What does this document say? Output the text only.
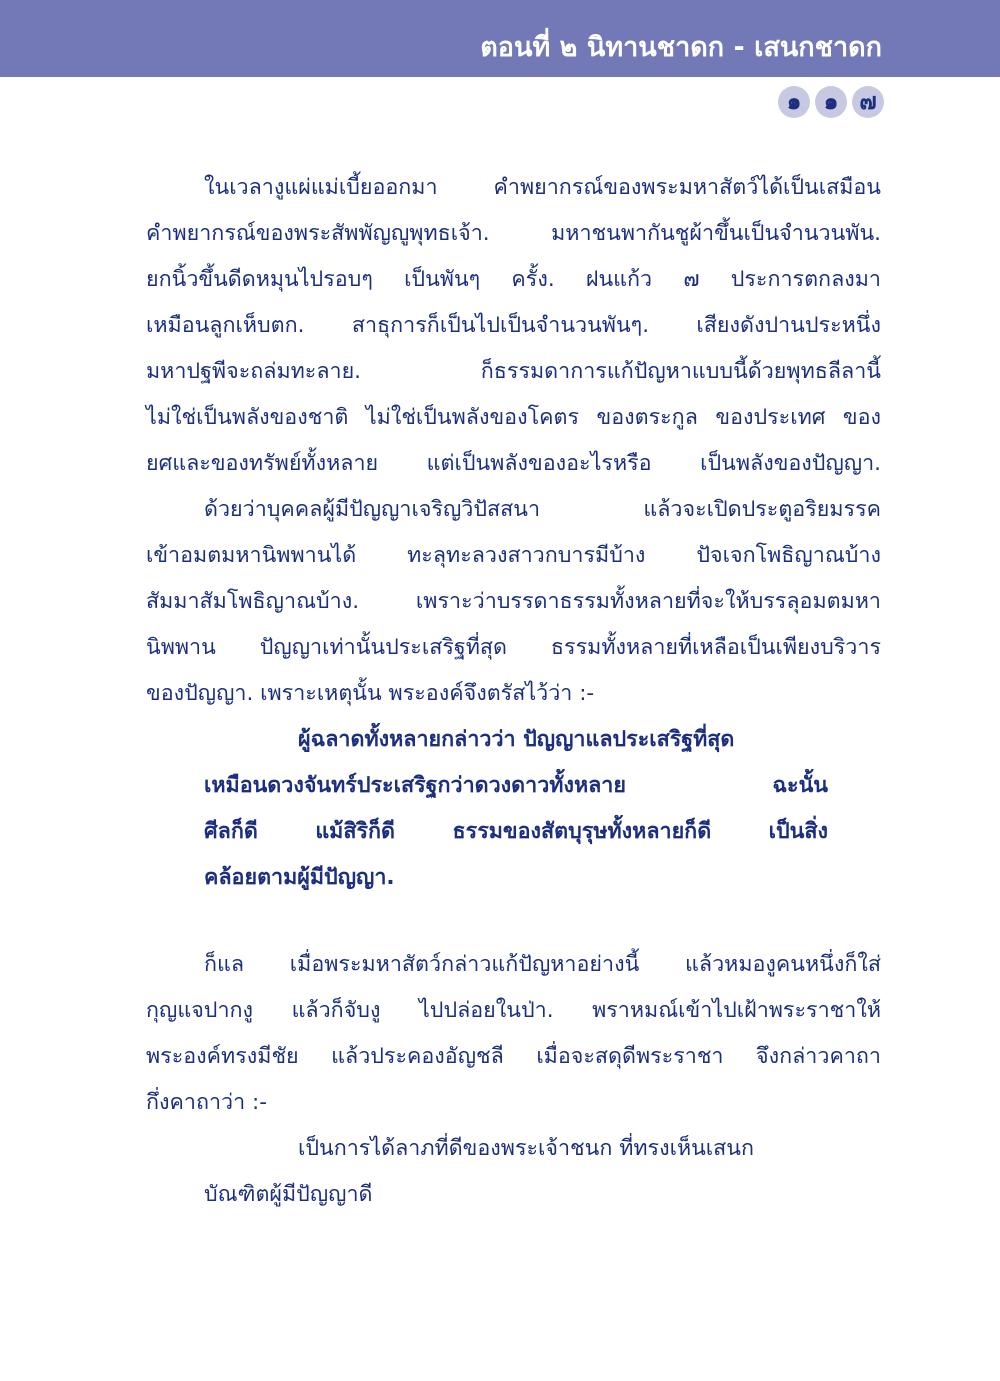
ตอนที่ ๒ นิทานชาดก - เสนกชาดก
๑ ๑ ๗
ในเวลางูแผ่แม่เบี้ยออกมา คำพยากรณ์ของพระมหาสัตว์ได้เป็นเสมือน
คำพยากรณ์ของพระสัพพัญญูพุทธเจ้า. มหาชนพากันชูผ้าขึ้นเป็นจำนวนพัน.
ยกนิ้วขึ้นดีดหมุนไปรอบๆ เป็นพันๆ ครั้ง. ฝนแก้ว ๗ ประการตกลงมา
เหมือนลูกเห็บตก. สาธุการก็เป็นไปเป็นจำนวนพันๆ. เสียงดังปานประหนึ่ง
มหาปฐพีจะถล่มทะลาย. ก็ธรรมดาการแก้ปัญหาแบบนี้ด้วยพุทธลีลานี้
ไม่ใช่เป็นพลังของชาติ ไม่ใช่เป็นพลังของโคตร ของตระกูล ของประเทศ ของ
ยศและของทรัพย์ทั้งหลาย แต่เป็นพลังของอะไรหรือ เป็นพลังของปัญญา.
ด้วยว่าบุคคลผู้มีปัญญาเจริญวิปัสสนา แล้วจะเปิดประตูอริยมรรค
เข้าอมตมหานิพพานได้ ทะลุทะลวงสาวกบารมีบ้าง ปัจเจกโพธิญาณบ้าง
สัมมาสัมโพธิญาณบ้าง. เพราะว่าบรรดาธรรมทั้งหลายที่จะให้บรรลุอมตมหา
นิพพาน ปัญญาเท่านั้นประเสริฐที่สุด ธรรมทั้งหลายที่เหลือเป็นเพียงบริวาร
ของปัญญา. เพราะเหตุนั้น พระองค์จึงตรัสไว้ว่า :-
ผู้ฉลาดทั้งหลายกล่าวว่า ปัญญาแลประเสริฐที่สุด
เหมือนดวงจันทร์ประเสริฐกว่าดวงดาวทั้งหลาย ฉะนั้น
ศีลก็ดี แม้สิริก็ดี ธรรมของสัตบุรุษทั้งหลายก็ดี เป็นสิ่ง
คล้อยตามผู้มีปัญญา.
ก็แล เมื่อพระมหาสัตว์กล่าวแก้ปัญหาอย่างนี้ แล้วหมองูคนหนึ่งก็ใส่
กุญแจปากงู แล้วก็จับงู ไปปล่อยในป่า. พราหมณ์เข้าไปเฝ้าพระราชาให้
พระองค์ทรงมีชัย แล้วประคองอัญชลี เมื่อจะสดุดีพระราชา จึงกล่าวคาถา
กึ่งคาถาว่า :-
เป็นการได้ลาภที่ดีของพระเจ้าชนก ที่ทรงเห็นเสนก
บัณฑิตผู้มีปัญญาดี
